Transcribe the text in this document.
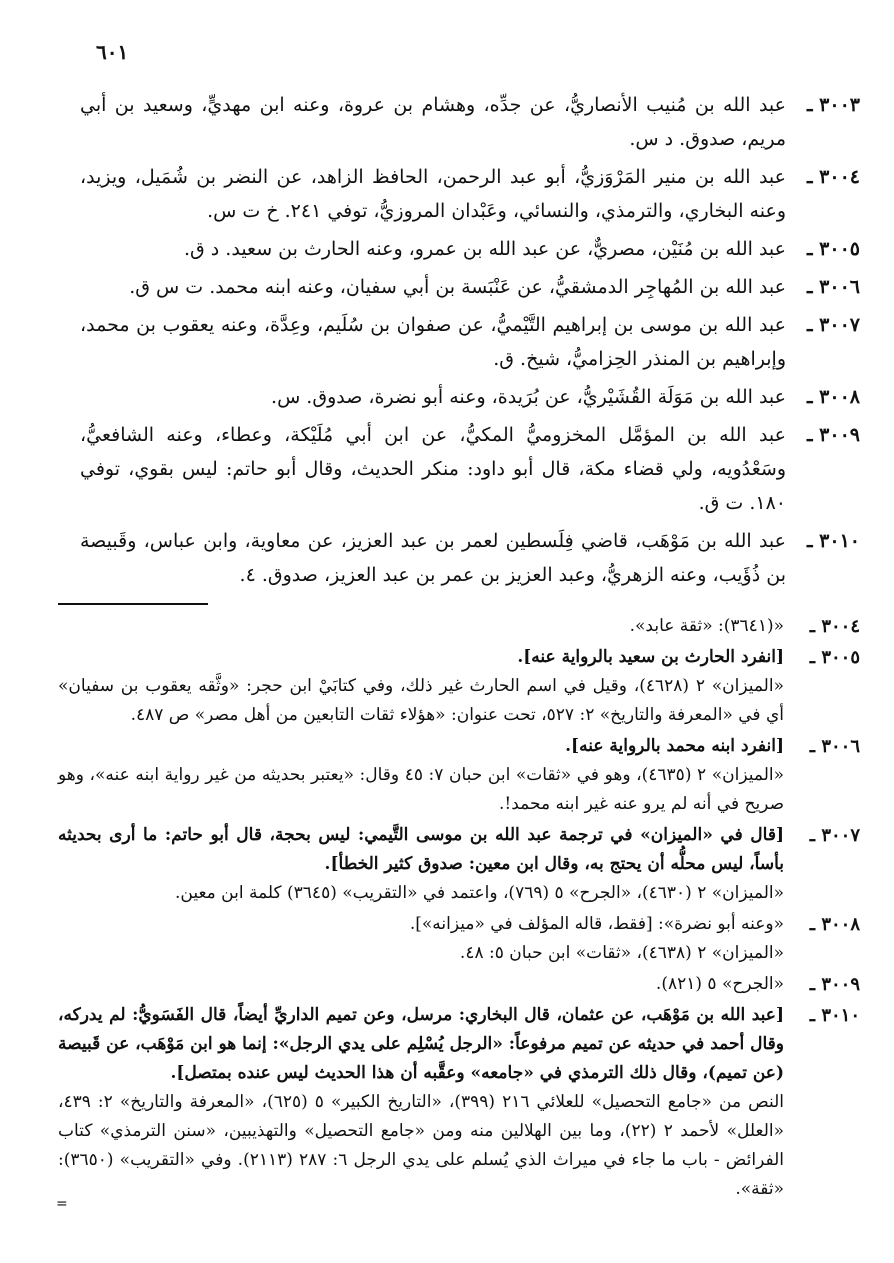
٦٠١

٣٠٠٣ ـ
عبد الله بن مُنيب الأنصاريُّ، عن جدِّه، وهشام بن عروة، وعنه ابن مهديٍّ، وسعيد بن أبي مريم، صدوق. د س.

٣٠٠٤ ـ
عبد الله بن منير المَرْوَزيُّ، أبو عبد الرحمن، الحافظ الزاهد، عن النضر بن شُمَيل، ويزيد، وعنه البخاري، والترمذي، والنسائي، وعَبْدان المروزيُّ، توفي ٢٤١. خ ت س.

٣٠٠٥ ـ
عبد الله بن مُنَيْن، مصريٌّ، عن عبد الله بن عمرو، وعنه الحارث بن سعيد. د ق.

٣٠٠٦ ـ
عبد الله بن المُهاجِر الدمشقيُّ، عن عَنْبَسة بن أبي سفيان، وعنه ابنه محمد. ت س ق.

٣٠٠٧ ـ
عبد الله بن موسى بن إبراهيم التَّيْميُّ، عن صفوان بن سُلَيم، وعِدَّة، وعنه يعقوب بن محمد، وإبراهيم بن المنذر الحِزاميُّ، شيخ. ق.

٣٠٠٨ ـ
عبد الله بن مَوَلَة القُشَيْريُّ، عن بُرَيدة، وعنه أبو نضرة، صدوق. س.

٣٠٠٩ ـ
عبد الله بن المؤمَّل المخزوميُّ المكيُّ، عن ابن أبي مُلَيْكة، وعطاء، وعنه الشافعيُّ، وسَعْدُويه، ولي قضاء مكة، قال أبو داود: منكر الحديث، وقال أبو حاتم: ليس بقوي، توفي ١٨٠. ت ق.

٣٠١٠ ـ
عبد الله بن مَوْهَب، قاضي فِلَسطين لعمر بن عبد العزيز، عن معاوية، وابن عباس، وقَبيصة بن ذُؤَيب، وعنه الزهريُّ، وعبد العزيز بن عمر بن عبد العزيز، صدوق. ٤.

٣٠٠٤ ـ
«(٣٦٤١): «ثقة عابد».
٣٠٠٥ ـ
[انفرد الحارث بن سعيد بالرواية عنه].
«الميزان» ٢ (٤٦٢٨)، وقيل في اسم الحارث غير ذلك، وفي كتابَيْ ابن حجر: «وثَّقه يعقوب بن سفيان» أي في «المعرفة والتاريخ» ٢: ٥٢٧، تحت عنوان: «هؤلاء ثقات التابعين من أهل مصر» ص ٤٨٧.
٣٠٠٦ ـ
[انفرد ابنه محمد بالرواية عنه].
«الميزان» ٢ (٤٦٣٥)، وهو في «ثقات» ابن حبان ٧: ٤٥ وقال: «يعتبر بحديثه من غير رواية ابنه عنه»، وهو صريح في أنه لم يرو عنه غير ابنه محمد!.
٣٠٠٧ ـ
[قال في «الميزان» في ترجمة عبد الله بن موسى التَّيمي: ليس بحجة، قال أبو حاتم: ما أرى بحديثه بأساً، ليس محلُّه أن يحتج به، وقال ابن معين: صدوق كثير الخطأ].
«الميزان» ٢ (٤٦٣٠)، «الجرح» ٥ (٧٦٩)، واعتمد في «التقريب» (٣٦٤٥) كلمة ابن معين.
٣٠٠٨ ـ
«وعنه أبو نضرة»: [فقط، قاله المؤلف في «ميزانه»].
«الميزان» ٢ (٤٦٣٨)، «ثقات» ابن حبان ٥: ٤٨.
٣٠٠٩ ـ
«الجرح» ٥ (٨٢١).
٣٠١٠ ـ
[عبد الله بن مَوْهَب، عن عثمان، قال البخاري: مرسل، وعن تميم الداريِّ أيضاً، قال الفَسَويُّ: لم يدركه، وقال أحمد في حديثه عن تميم مرفوعاً: «الرجل يُسْلِم على يدي الرجل»: إنما هو ابن مَوْهَب، عن قَبيصة (عن تميم)، وقال ذلك الترمذي في «جامعه» وعقَّبه أن هذا الحديث ليس عنده بمتصل].
النص من «جامع التحصيل» للعلائي ٢١٦ (٣٩٩)، «التاريخ الكبير» ٥ (٦٢٥)، «المعرفة والتاريخ» ٢: ٤٣٩، «العلل» لأحمد ٢ (٢٢)، وما بين الهلالين منه ومن «جامع التحصيل» والتهذيبين، «سنن الترمذي» كتاب الفرائض - باب ما جاء في ميراث الذي يُسلم على يدي الرجل ٦: ٢٨٧ (٢١١٣). وفي «التقريب» (٣٦٥٠): «ثقة».
=
